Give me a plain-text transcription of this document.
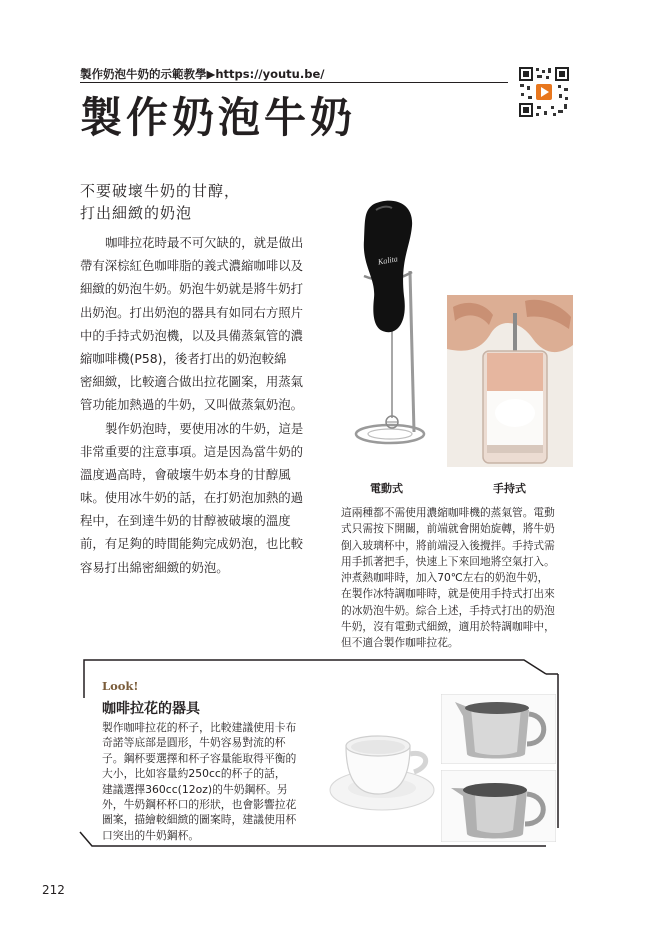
製作奶泡牛奶的示範教學▶https://youtu.be/
製作奶泡牛奶
不要破壞牛奶的甘醇，
打出細緻的奶泡
咖啡拉花時最不可欠缺的，就是做出
帶有深棕紅色咖啡脂的義式濃縮咖啡以及
細緻的奶泡牛奶。奶泡牛奶就是將牛奶打
出奶泡。打出奶泡的器具有如同右方照片
中的手持式奶泡機，以及具備蒸氣管的濃
縮咖啡機(P58)，後者打出的奶泡較綿
密細緻，比較適合做出拉花圖案，用蒸氣
管功能加熱過的牛奶，又叫做蒸氣奶泡。
製作奶泡時，要使用冰的牛奶，這是
非常重要的注意事項。這是因為當牛奶的
溫度過高時，會破壞牛奶本身的甘醇風
味。使用冰牛奶的話，在打奶泡加熱的過
程中，在到達牛奶的甘醇被破壞的溫度
前，有足夠的時間能夠完成奶泡，也比較
容易打出綿密細緻的奶泡。
Kalita
電動式	手持式
這兩種都不需使用濃縮咖啡機的蒸氣管。電動
式只需按下開關，前端就會開始旋轉，將牛奶
倒入玻璃杯中，將前端浸入後攪拌。手持式需
用手抓著把手，快速上下來回地將空氣打入。
沖煮熱咖啡時，加入70℃左右的奶泡牛奶，
在製作冰特調咖啡時，就是使用手持式打出來
的冰奶泡牛奶。綜合上述，手持式打出的奶泡
牛奶，沒有電動式細緻，適用於特調咖啡中，
但不適合製作咖啡拉花。
Look!
咖啡拉花的器具
製作咖啡拉花的杯子，比較建議使用卡布
奇諾等底部是圓形，牛奶容易對流的杯
子。鋼杯要選擇和杯子容量能取得平衡的
大小，比如容量約250cc的杯子的話，
建議選擇360cc(12oz)的牛奶鋼杯。另
外，牛奶鋼杯杯口的形狀，也會影響拉花
圖案，描繪較細緻的圖案時，建議使用杯
口突出的牛奶鋼杯。
212
